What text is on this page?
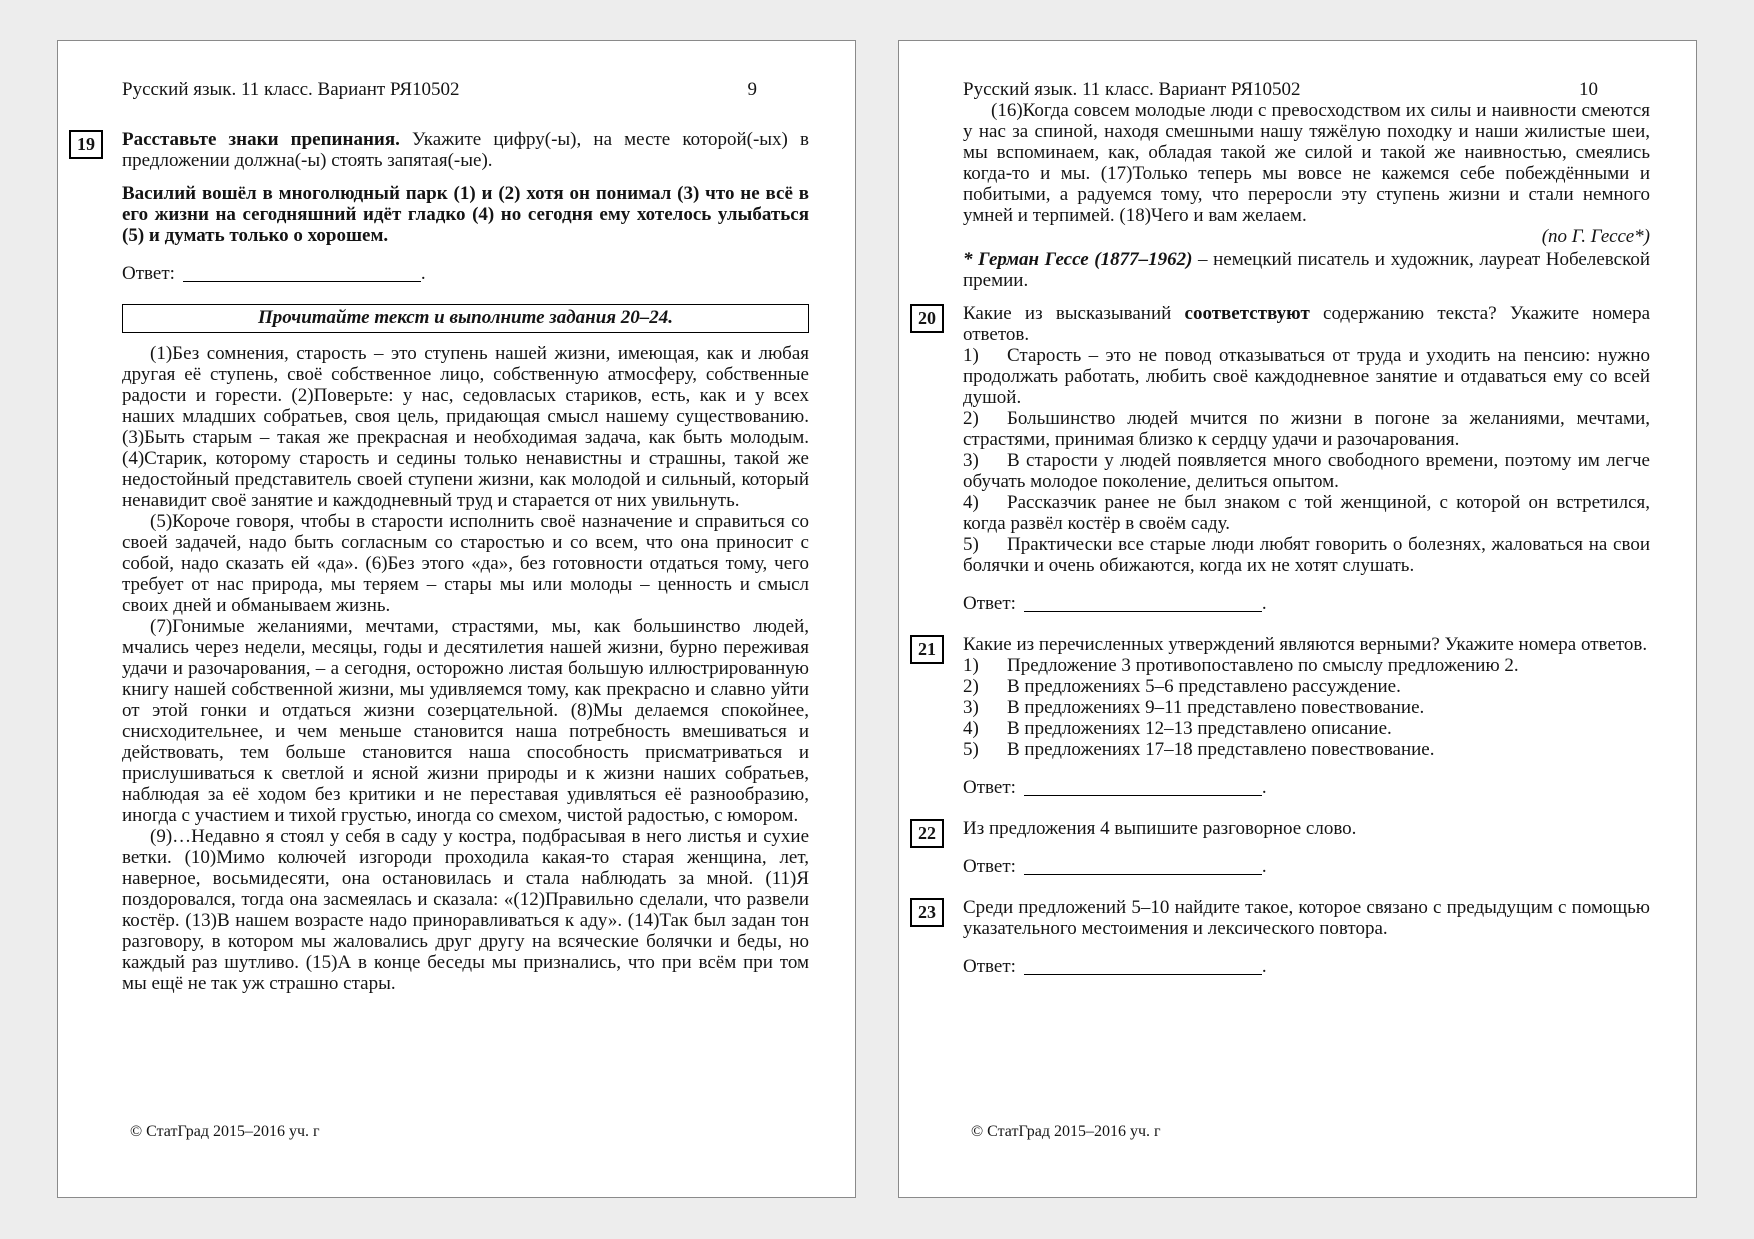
Русский язык. 11 класс. Вариант РЯ10502	9
19	Расставьте знаки препинания. Укажите цифру(-ы), на месте которой(-ых) в предложении должна(-ы) стоять запятая(-ые).

Василий вошёл в многолюдный парк (1) и (2) хотя он понимал (3) что не всё в его жизни на сегодняшний идёт гладко (4) но сегодня ему хотелось улыбаться (5) и думать только о хорошем.

Ответ:	.

Прочитайте текст и выполните задания 20–24.

(1)Без сомнения, старость – это ступень нашей жизни, имеющая, как и любая другая её ступень, своё собственное лицо, собственную атмосферу, собственные радости и горести. (2)Поверьте: у нас, седовласых стариков, есть, как и у всех наших младших собратьев, своя цель, придающая смысл нашему существованию. (3)Быть старым – такая же прекрасная и необходимая задача, как быть молодым. (4)Старик, которому старость и седины только ненавистны и страшны, такой же недостойный представитель своей ступени жизни, как молодой и сильный, который ненавидит своё занятие и каждодневный труд и старается от них увильнуть.

(5)Короче говоря, чтобы в старости исполнить своё назначение и справиться со своей задачей, надо быть согласным со старостью и со всем, что она приносит с собой, надо сказать ей «да». (6)Без этого «да», без готовности отдаться тому, чего требует от нас природа, мы теряем – стары мы или молоды – ценность и смысл своих дней и обманываем жизнь.

(7)Гонимые желаниями, мечтами, страстями, мы, как большинство людей, мчались через недели, месяцы, годы и десятилетия нашей жизни, бурно переживая удачи и разочарования, – а сегодня, осторожно листая большую иллюстрированную книгу нашей собственной жизни, мы удивляемся тому, как прекрасно и славно уйти от этой гонки и отдаться жизни созерцательной. (8)Мы делаемся спокойнее, снисходительнее, и чем меньше становится наша потребность вмешиваться и действовать, тем больше становится наша способность присматриваться и прислушиваться к светлой и ясной жизни природы и к жизни наших собратьев, наблюдая за её ходом без критики и не переставая удивляться её разнообразию, иногда с участием и тихой грустью, иногда со смехом, чистой радостью, с юмором.

(9)…Недавно я стоял у себя в саду у костра, подбрасывая в него листья и сухие ветки. (10)Мимо колючей изгороди проходила какая-то старая женщина, лет, наверное, восьмидесяти, она остановилась и стала наблюдать за мной. (11)Я поздоровался, тогда она засмеялась и сказала: «(12)Правильно сделали, что развели костёр. (13)В нашем возрасте надо приноравливаться к аду». (14)Так был задан тон разговору, в котором мы жаловались друг другу на всяческие болячки и беды, но каждый раз шутливо. (15)А в конце беседы мы признались, что при всём при том мы ещё не так уж страшно стары.

© СтатГрад 2015–2016 уч. г
Русский язык. 11 класс. Вариант РЯ10502	10

(16)Когда совсем молодые люди с превосходством их силы и наивности смеются у нас за спиной, находя смешными нашу тяжёлую походку и наши жилистые шеи, мы вспоминаем, как, обладая такой же силой и такой же наивностью, смеялись когда-то и мы. (17)Только теперь мы вовсе не кажемся себе побеждёнными и побитыми, а радуемся тому, что переросли эту ступень жизни и стали немного умней и терпимей. (18)Чего и вам желаем.

(по Г. Гессе*)

* Герман Гессе (1877–1962) – немецкий писатель и художник, лауреат Нобелевской премии.

20	Какие из высказываний соответствуют содержанию текста? Укажите номера ответов.

1) Старость – это не повод отказываться от труда и уходить на пенсию: нужно продолжать работать, любить своё каждодневное занятие и отдаваться ему со всей душой.
2) Большинство людей мчится по жизни в погоне за желаниями, мечтами, страстями, принимая близко к сердцу удачи и разочарования.
3) В старости у людей появляется много свободного времени, поэтому им легче обучать молодое поколение, делиться опытом.
4) Рассказчик ранее не был знаком с той женщиной, с которой он встретился, когда развёл костёр в своём саду.
5) Практически все старые люди любят говорить о болезнях, жаловаться на свои болячки и очень обижаются, когда их не хотят слушать.

Ответ:	.

21	Какие из перечисленных утверждений являются верными? Укажите номера ответов.

1) Предложение 3 противопоставлено по смыслу предложению 2.
2) В предложениях 5–6 представлено рассуждение.
3) В предложениях 9–11 представлено повествование.
4) В предложениях 12–13 представлено описание.
5) В предложениях 17–18 представлено повествование.

Ответ:	.

22	Из предложения 4 выпишите разговорное слово.

Ответ:	.

23	Среди предложений 5–10 найдите такое, которое связано с предыдущим с помощью указательного местоимения и лексического повтора.

Ответ:	.

© СтатГрад 2015–2016 уч. г
